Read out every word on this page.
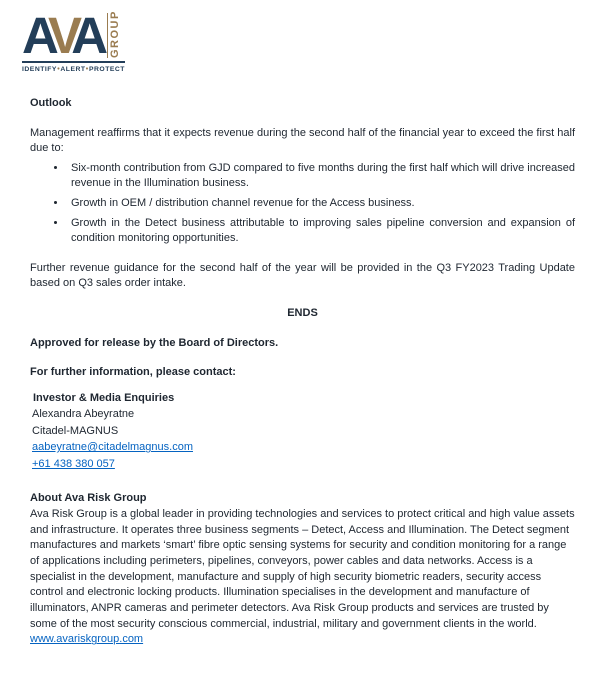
AVA GROUP
IDENTIFY • ALERT • PROTECT
Outlook

Management reaffirms that it expects revenue during the second half of the financial year to exceed the first half due to:

• Six-month contribution from GJD compared to five months during the first half which will drive increased revenue in the Illumination business.
• Growth in OEM / distribution channel revenue for the Access business.
• Growth in the Detect business attributable to improving sales pipeline conversion and expansion of condition monitoring opportunities.

Further revenue guidance for the second half of the year will be provided in the Q3 FY2023 Trading Update based on Q3 sales order intake.

ENDS

Approved for release by the Board of Directors.

For further information, please contact:

Investor & Media Enquiries
Alexandra Abeyratne
Citadel-MAGNUS
aabeyratne@citadelmagnus.com
+61 438 380 057
About Ava Risk Group

Ava Risk Group is a global leader in providing technologies and services to protect critical and high value assets and infrastructure. It operates three business segments – Detect, Access and Illumination. The Detect segment manufactures and markets ‘smart’ fibre optic sensing systems for security and condition monitoring for a range of applications including perimeters, pipelines, conveyors, power cables and data networks. Access is a specialist in the development, manufacture and supply of high security biometric readers, security access control and electronic locking products. Illumination specialises in the development and manufacture of illuminators, ANPR cameras and perimeter detectors. Ava Risk Group products and services are trusted by some of the most security conscious commercial, industrial, military and government clients in the world. www.avariskgroup.com
